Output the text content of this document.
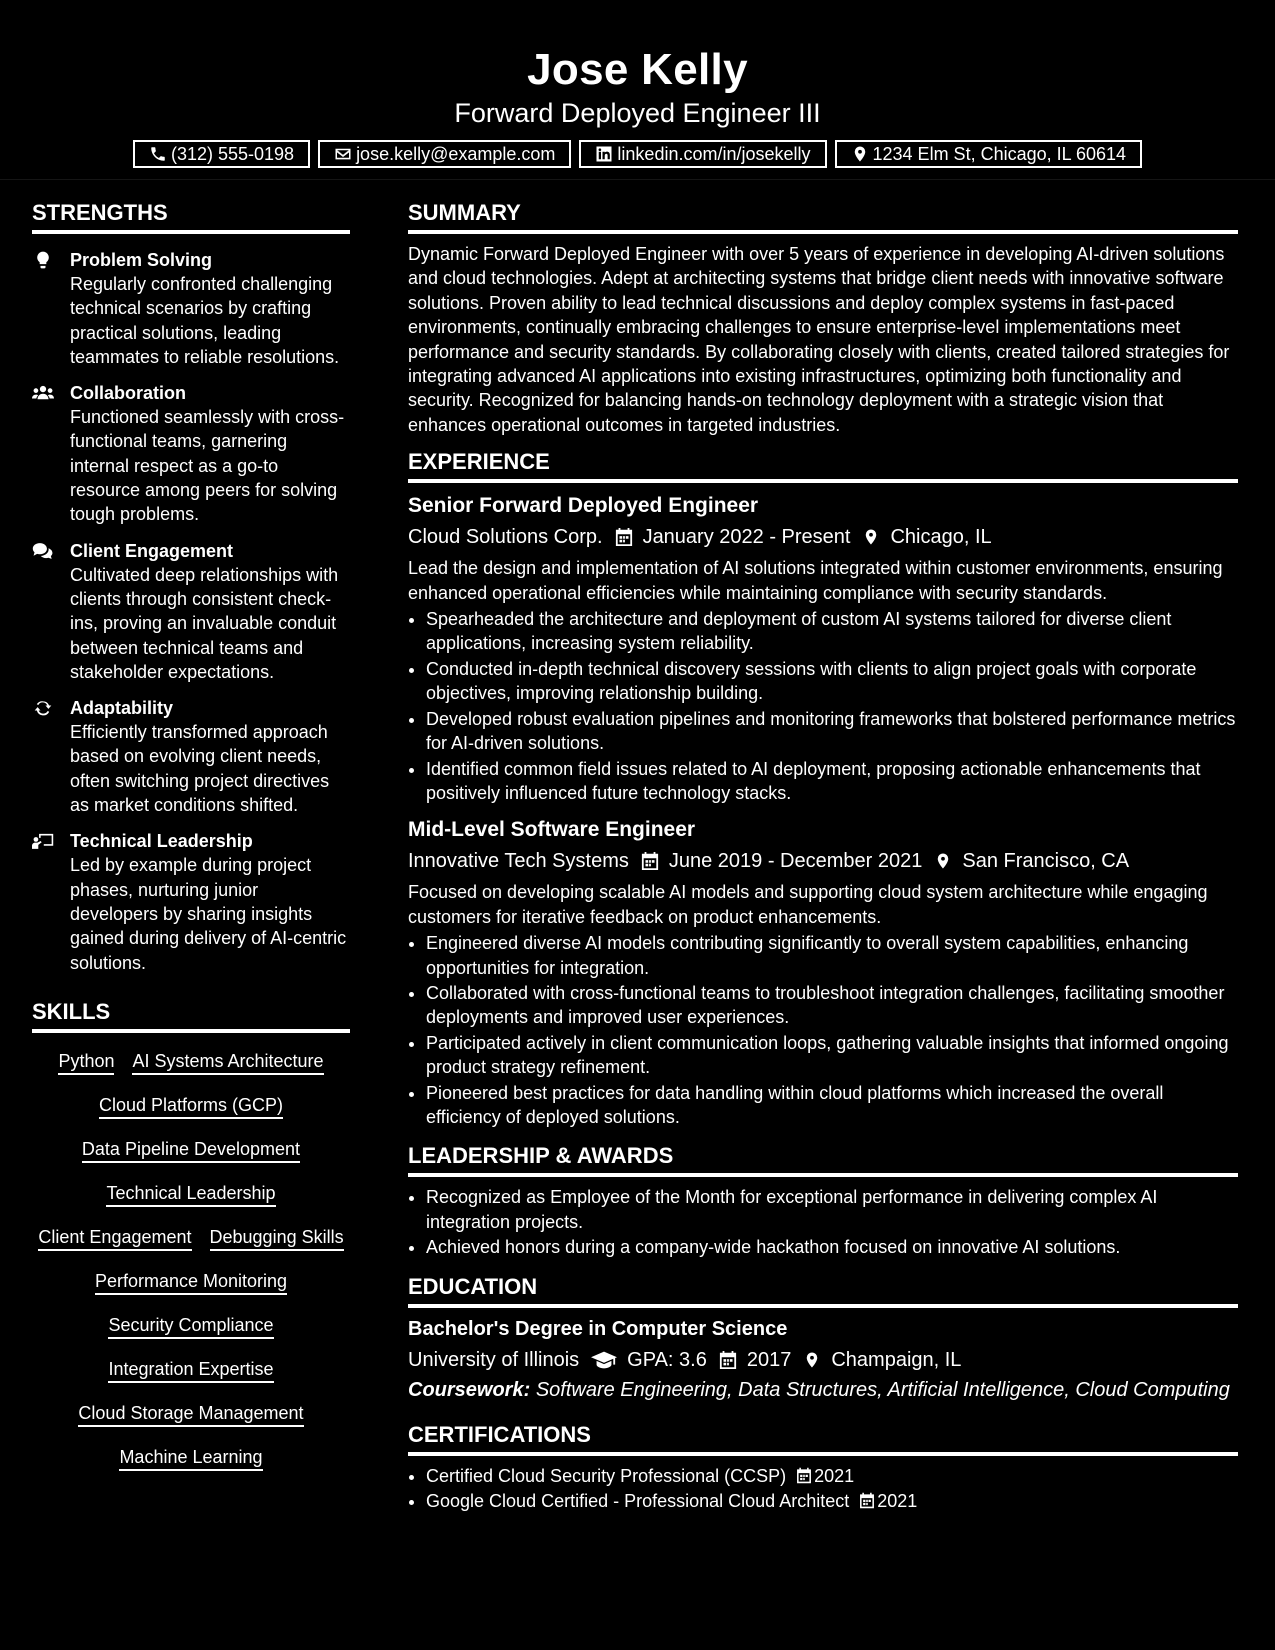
Jose Kelly
Forward Deployed Engineer III
(312) 555-0198	jose.kelly@example.com	linkedin.com/in/josekelly	1234 Elm St, Chicago, IL 60614
STRENGTHS
Problem Solving
Regularly confronted challenging technical scenarios by crafting practical solutions, leading teammates to reliable resolutions.
Collaboration
Functioned seamlessly with cross-functional teams, garnering internal respect as a go-to resource among peers for solving tough problems.
Client Engagement
Cultivated deep relationships with clients through consistent check-ins, proving an invaluable conduit between technical teams and stakeholder expectations.
Adaptability
Efficiently transformed approach based on evolving client needs, often switching project directives as market conditions shifted.
Technical Leadership
Led by example during project phases, nurturing junior developers by sharing insights gained during delivery of AI-centric solutions.
SKILLS
Python AI Systems Architecture
Cloud Platforms (GCP)
Data Pipeline Development
Technical Leadership
Client Engagement Debugging Skills
Performance Monitoring
Security Compliance
Integration Expertise
Cloud Storage Management
Machine Learning
SUMMARY
Dynamic Forward Deployed Engineer with over 5 years of experience in developing AI-driven solutions and cloud technologies. Adept at architecting systems that bridge client needs with innovative software solutions. Proven ability to lead technical discussions and deploy complex systems in fast-paced environments, continually embracing challenges to ensure enterprise-level implementations meet performance and security standards. By collaborating closely with clients, created tailored strategies for integrating advanced AI applications into existing infrastructures, optimizing both functionality and security. Recognized for balancing hands-on technology deployment with a strategic vision that enhances operational outcomes in targeted industries.
EXPERIENCE
Senior Forward Deployed Engineer
Cloud Solutions Corp. January 2022 - Present Chicago, IL
Lead the design and implementation of AI solutions integrated within customer environments, ensuring enhanced operational efficiencies while maintaining compliance with security standards.
• Spearheaded the architecture and deployment of custom AI systems tailored for diverse client applications, increasing system reliability.
• Conducted in-depth technical discovery sessions with clients to align project goals with corporate objectives, improving relationship building.
• Developed robust evaluation pipelines and monitoring frameworks that bolstered performance metrics for AI-driven solutions.
• Identified common field issues related to AI deployment, proposing actionable enhancements that positively influenced future technology stacks.
Mid-Level Software Engineer
Innovative Tech Systems June 2019 - December 2021 San Francisco, CA
Focused on developing scalable AI models and supporting cloud system architecture while engaging customers for iterative feedback on product enhancements.
• Engineered diverse AI models contributing significantly to overall system capabilities, enhancing opportunities for integration.
• Collaborated with cross-functional teams to troubleshoot integration challenges, facilitating smoother deployments and improved user experiences.
• Participated actively in client communication loops, gathering valuable insights that informed ongoing product strategy refinement.
• Pioneered best practices for data handling within cloud platforms which increased the overall efficiency of deployed solutions.
LEADERSHIP & AWARDS
• Recognized as Employee of the Month for exceptional performance in delivering complex AI integration projects.
• Achieved honors during a company-wide hackathon focused on innovative AI solutions.
EDUCATION
Bachelor's Degree in Computer Science
University of Illinois GPA: 3.6 2017 Champaign, IL
Coursework: Software Engineering, Data Structures, Artificial Intelligence, Cloud Computing
CERTIFICATIONS
• Certified Cloud Security Professional (CCSP) 2021
• Google Cloud Certified - Professional Cloud Architect 2021
